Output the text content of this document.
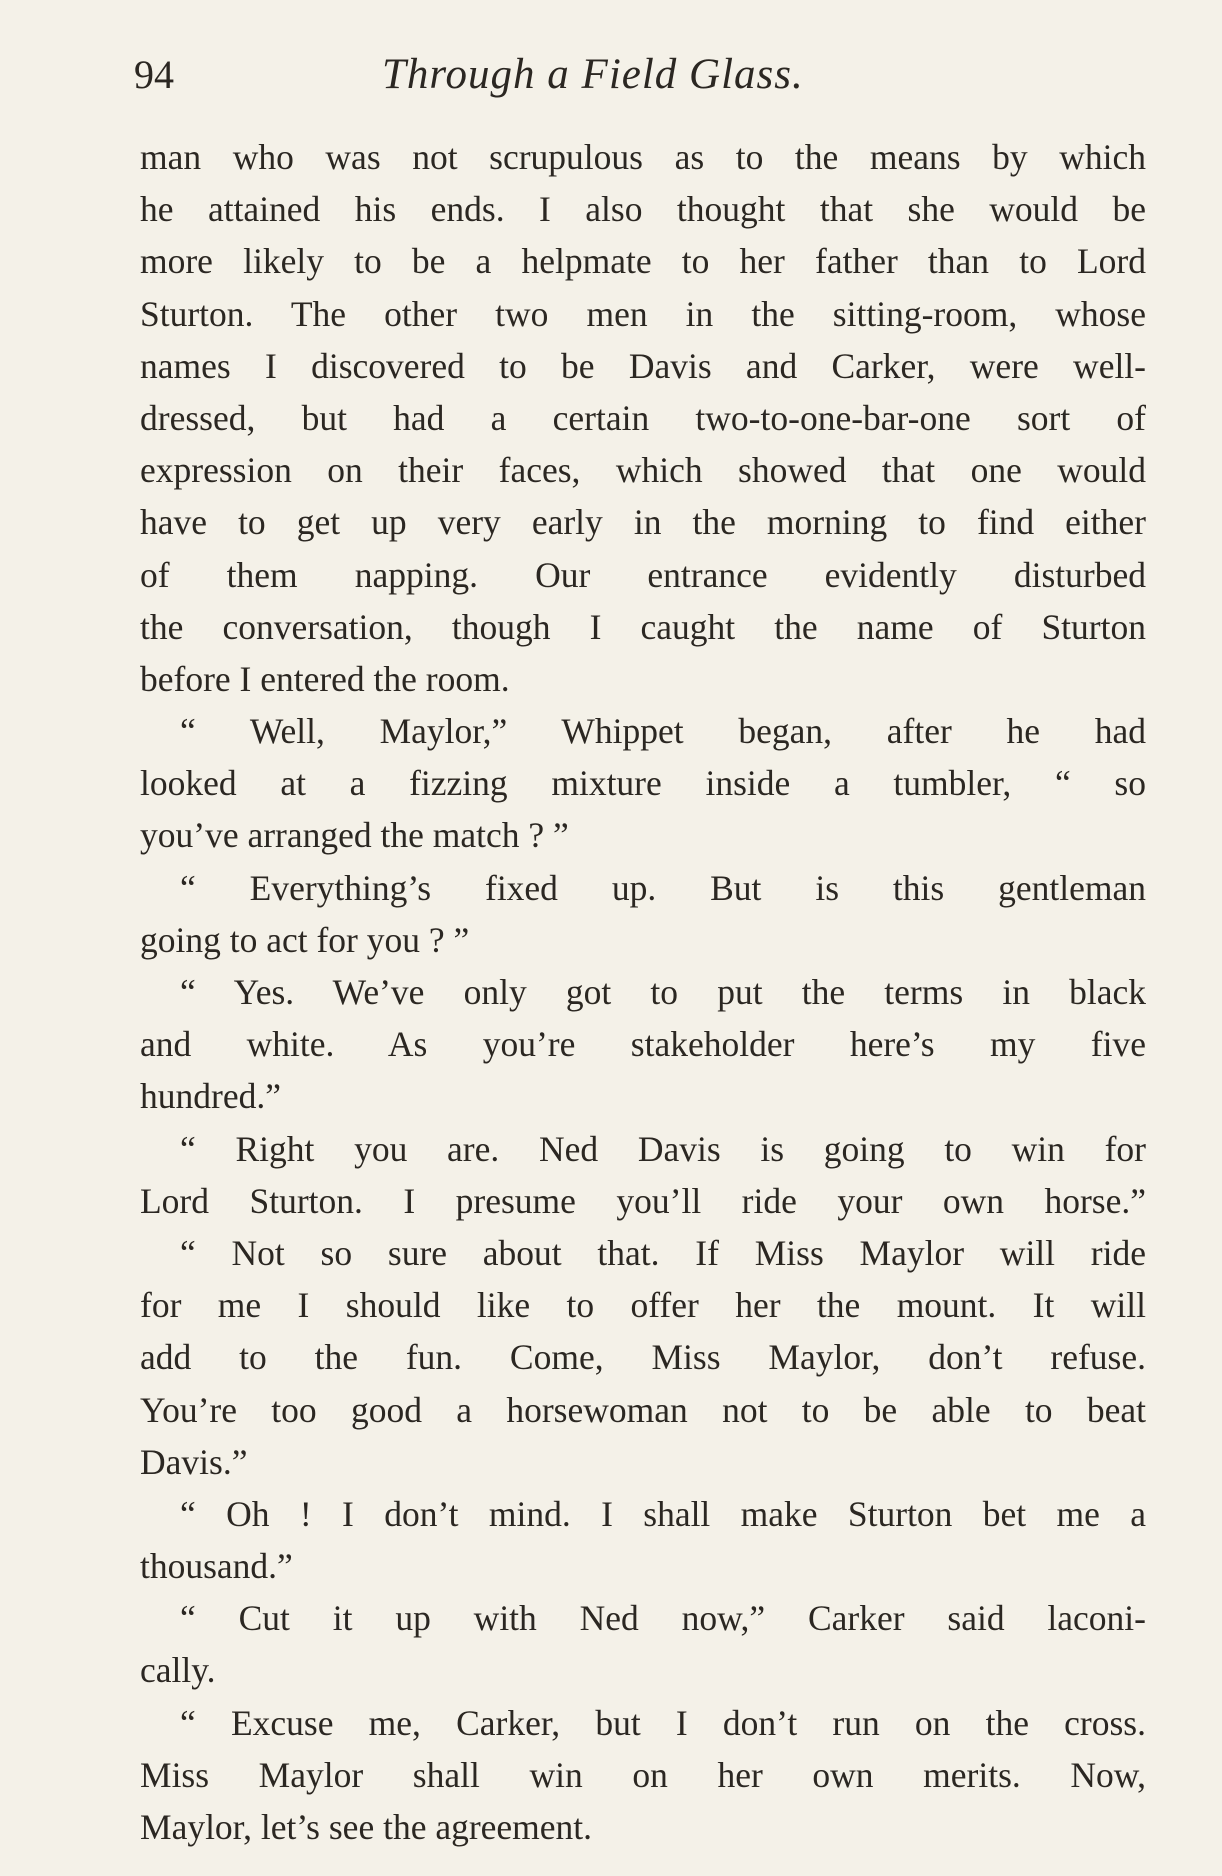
94	Through a Field Glass.
man who was not scrupulous as to the means by which
he attained his ends. I also thought that she would be
more likely to be a helpmate to her father than to Lord
Sturton. The other two men in the sitting-room, whose
names I discovered to be Davis and Carker, were well-
dressed, but had a certain two-to-one-bar-one sort of
expression on their faces, which showed that one would
have to get up very early in the morning to find either
of them napping. Our entrance evidently disturbed
the conversation, though I caught the name of Sturton
before I entered the room.
“ Well, Maylor,” Whippet began, after he had
looked at a fizzing mixture inside a tumbler, “ so
you’ve arranged the match ? ”
“ Everything’s fixed up. But is this gentleman
going to act for you ? ”
“ Yes. We’ve only got to put the terms in black
and white. As you’re stakeholder here’s my five
hundred.”
“ Right you are. Ned Davis is going to win for
Lord Sturton. I presume you’ll ride your own horse.”
“ Not so sure about that. If Miss Maylor will ride
for me I should like to offer her the mount. It will
add to the fun. Come, Miss Maylor, don’t refuse.
You’re too good a horsewoman not to be able to beat
Davis.”
“ Oh ! I don’t mind. I shall make Sturton bet me a
thousand.”
“ Cut it up with Ned now,” Carker said laconi-
cally.
“ Excuse me, Carker, but I don’t run on the cross.
Miss Maylor shall win on her own merits. Now,
Maylor, let’s see the agreement.
